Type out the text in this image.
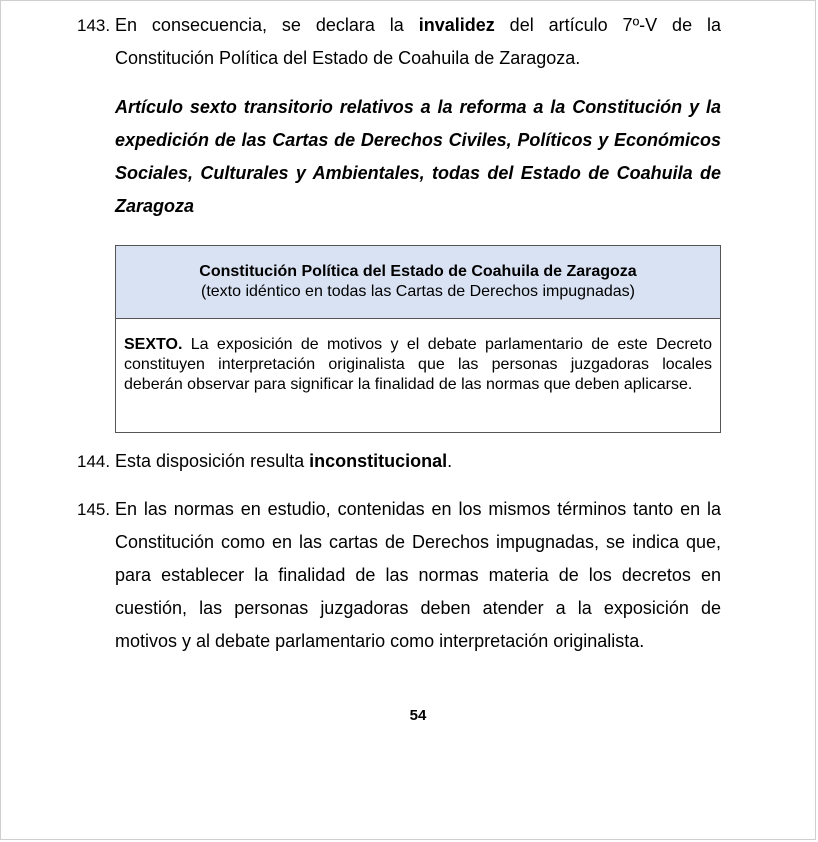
143. En consecuencia, se declara la invalidez del artículo 7º-V de la Constitución Política del Estado de Coahuila de Zaragoza.
Artículo sexto transitorio relativos a la reforma a la Constitución y la expedición de las Cartas de Derechos Civiles, Políticos y Económicos Sociales, Culturales y Ambientales, todas del Estado de Coahuila de Zaragoza
Constitución Política del Estado de Coahuila de Zaragoza
(texto idéntico en todas las Cartas de Derechos impugnadas)
SEXTO. La exposición de motivos y el debate parlamentario de este Decreto constituyen interpretación originalista que las personas juzgadoras locales deberán observar para significar la finalidad de las normas que deben aplicarse.
144. Esta disposición resulta inconstitucional.
145. En las normas en estudio, contenidas en los mismos términos tanto en la Constitución como en las cartas de Derechos impugnadas, se indica que, para establecer la finalidad de las normas materia de los decretos en cuestión, las personas juzgadoras deben atender a la exposición de motivos y al debate parlamentario como interpretación originalista.
54
